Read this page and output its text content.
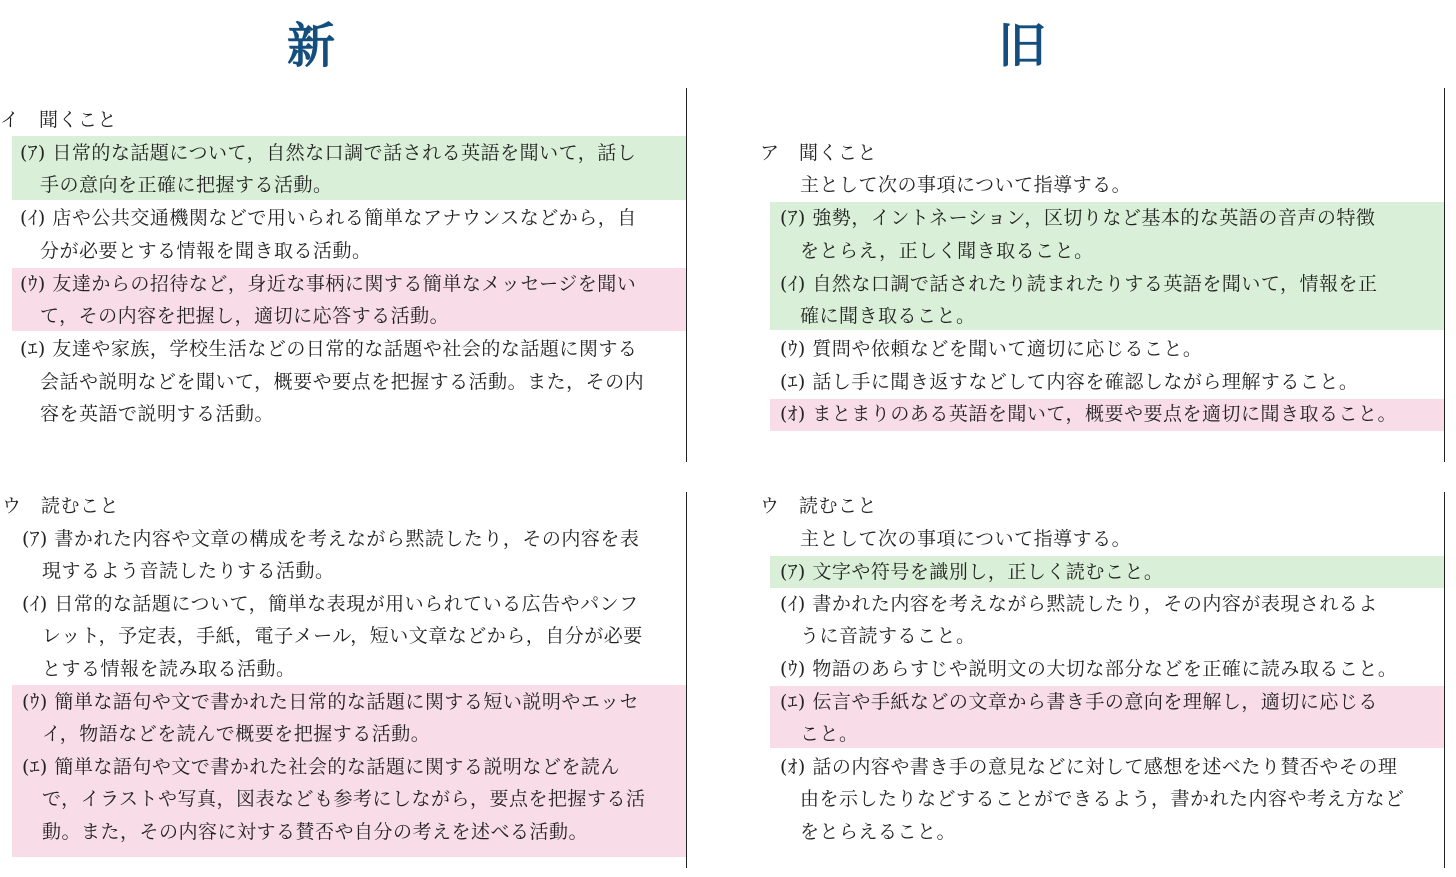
新	旧
イ　聞くこと
(ｱ) 日常的な話題について，自然な口調で話される英語を聞いて，話し
手の意向を正確に把握する活動。
(ｲ) 店や公共交通機関などで用いられる簡単なアナウンスなどから，自
分が必要とする情報を聞き取る活動。
(ｳ) 友達からの招待など，身近な事柄に関する簡単なメッセージを聞い
て，その内容を把握し，適切に応答する活動。
(ｴ) 友達や家族，学校生活などの日常的な話題や社会的な話題に関する
会話や説明などを聞いて，概要や要点を把握する活動。また，その内
容を英語で説明する活動。
ウ　読むこと
(ｱ) 書かれた内容や文章の構成を考えながら黙読したり，その内容を表
現するよう音読したりする活動。
(ｲ) 日常的な話題について，簡単な表現が用いられている広告やパンフ
レット，予定表，手紙，電子メール，短い文章などから，自分が必要
とする情報を読み取る活動。
(ｳ) 簡単な語句や文で書かれた日常的な話題に関する短い説明やエッセ
イ，物語などを読んで概要を把握する活動。
(ｴ) 簡単な語句や文で書かれた社会的な話題に関する説明などを読ん
で，イラストや写真，図表なども参考にしながら，要点を把握する活
動。また，その内容に対する賛否や自分の考えを述べる活動。
ア　聞くこと
主として次の事項について指導する。
(ｱ) 強勢，イントネーション，区切りなど基本的な英語の音声の特徴
をとらえ，正しく聞き取ること。
(ｲ) 自然な口調で話されたり読まれたりする英語を聞いて，情報を正
確に聞き取ること。
(ｳ) 質問や依頼などを聞いて適切に応じること。
(ｴ) 話し手に聞き返すなどして内容を確認しながら理解すること。
(ｵ) まとまりのある英語を聞いて，概要や要点を適切に聞き取ること。
ウ　読むこと
主として次の事項について指導する。
(ｱ) 文字や符号を識別し，正しく読むこと。
(ｲ) 書かれた内容を考えながら黙読したり，その内容が表現されるよ
うに音読すること。
(ｳ) 物語のあらすじや説明文の大切な部分などを正確に読み取ること。
(ｴ) 伝言や手紙などの文章から書き手の意向を理解し，適切に応じる
こと。
(ｵ) 話の内容や書き手の意見などに対して感想を述べたり賛否やその理
由を示したりなどすることができるよう，書かれた内容や考え方など
をとらえること。
